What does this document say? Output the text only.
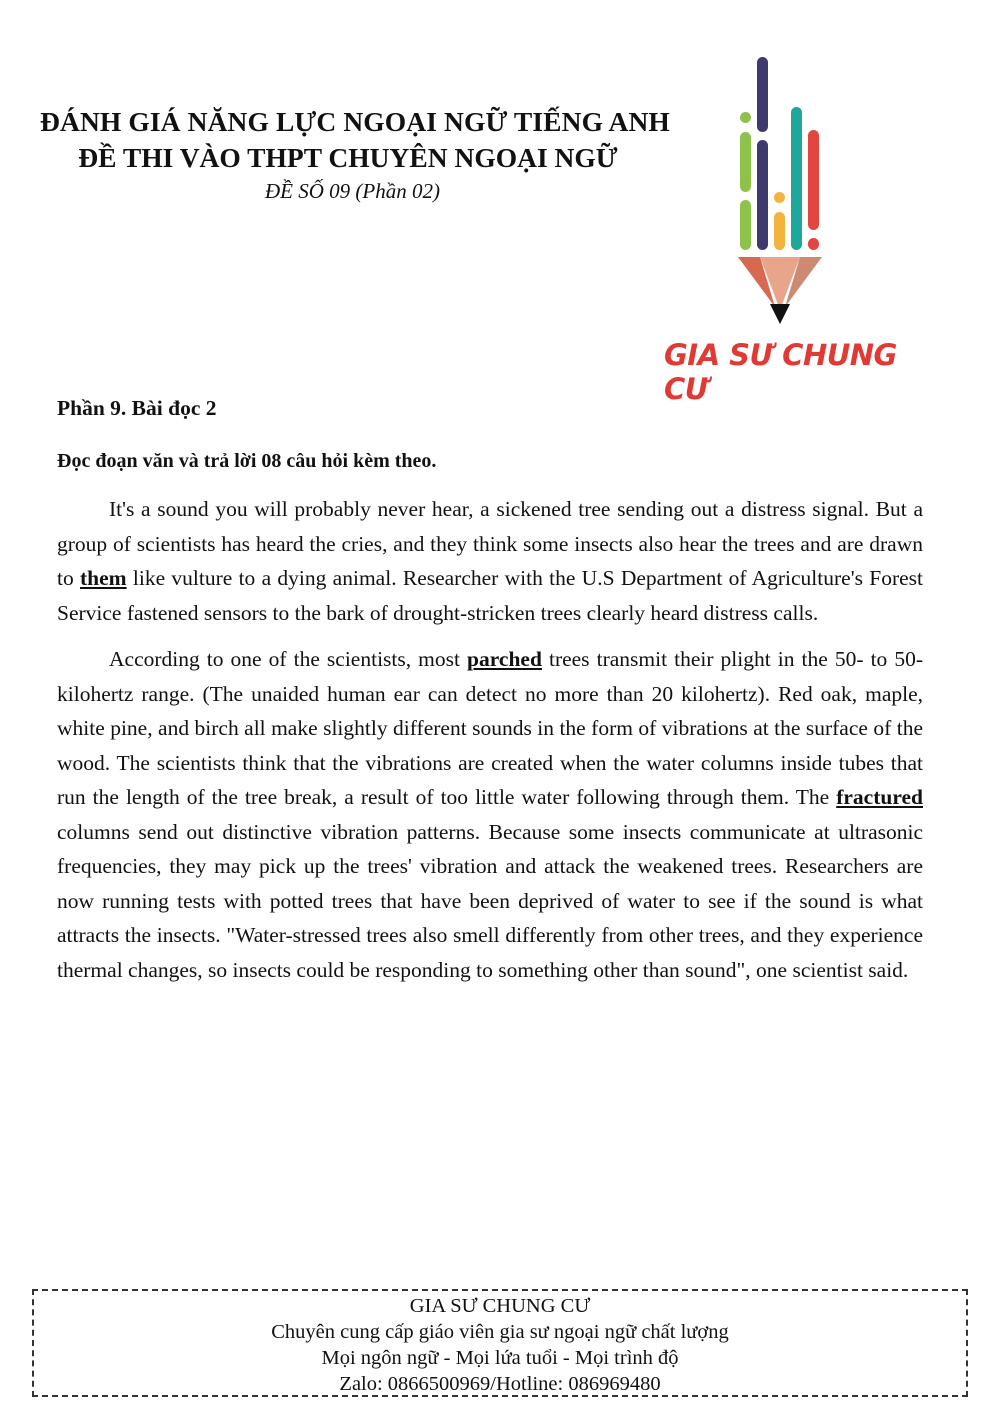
ĐÁNH GIÁ NĂNG LỰC NGOẠI NGỮ TIẾNG ANH
ĐỀ THI VÀO THPT CHUYÊN NGOẠI NGỮ
ĐỀ SỐ 09 (Phần 02)
GIA SƯ CHUNG CƯ
Phần 9. Bài đọc 2
Đọc đoạn văn và trả lời 08 câu hỏi kèm theo.

It's a sound you will probably never hear, a sickened tree sending out a distress signal. But a group of scientists has heard the cries, and they think some insects also hear the trees and are drawn to them like vulture to a dying animal. Researcher with the U.S Department of Agriculture's Forest Service fastened sensors to the bark of drought-stricken trees clearly heard distress calls.

According to one of the scientists, most parched trees transmit their plight in the 50- to 50-kilohertz range. (The unaided human ear can detect no more than 20 kilohertz). Red oak, maple, white pine, and birch all make slightly different sounds in the form of vibrations at the surface of the wood. The scientists think that the vibrations are created when the water columns inside tubes that run the length of the tree break, a result of too little water following through them. The fractured columns send out distinctive vibration patterns. Because some insects communicate at ultrasonic frequencies, they may pick up the trees' vibration and attack the weakened trees. Researchers are now running tests with potted trees that have been deprived of water to see if the sound is what attracts the insects. "Water-stressed trees also smell differently from other trees, and they experience thermal changes, so insects could be responding to something other than sound", one scientist said.

GIA SƯ CHUNG CƯ
Chuyên cung cấp giáo viên gia sư ngoại ngữ chất lượng
Mọi ngôn ngữ - Mọi lứa tuổi - Mọi trình độ
Zalo: 0866500969/Hotline: 086969480
